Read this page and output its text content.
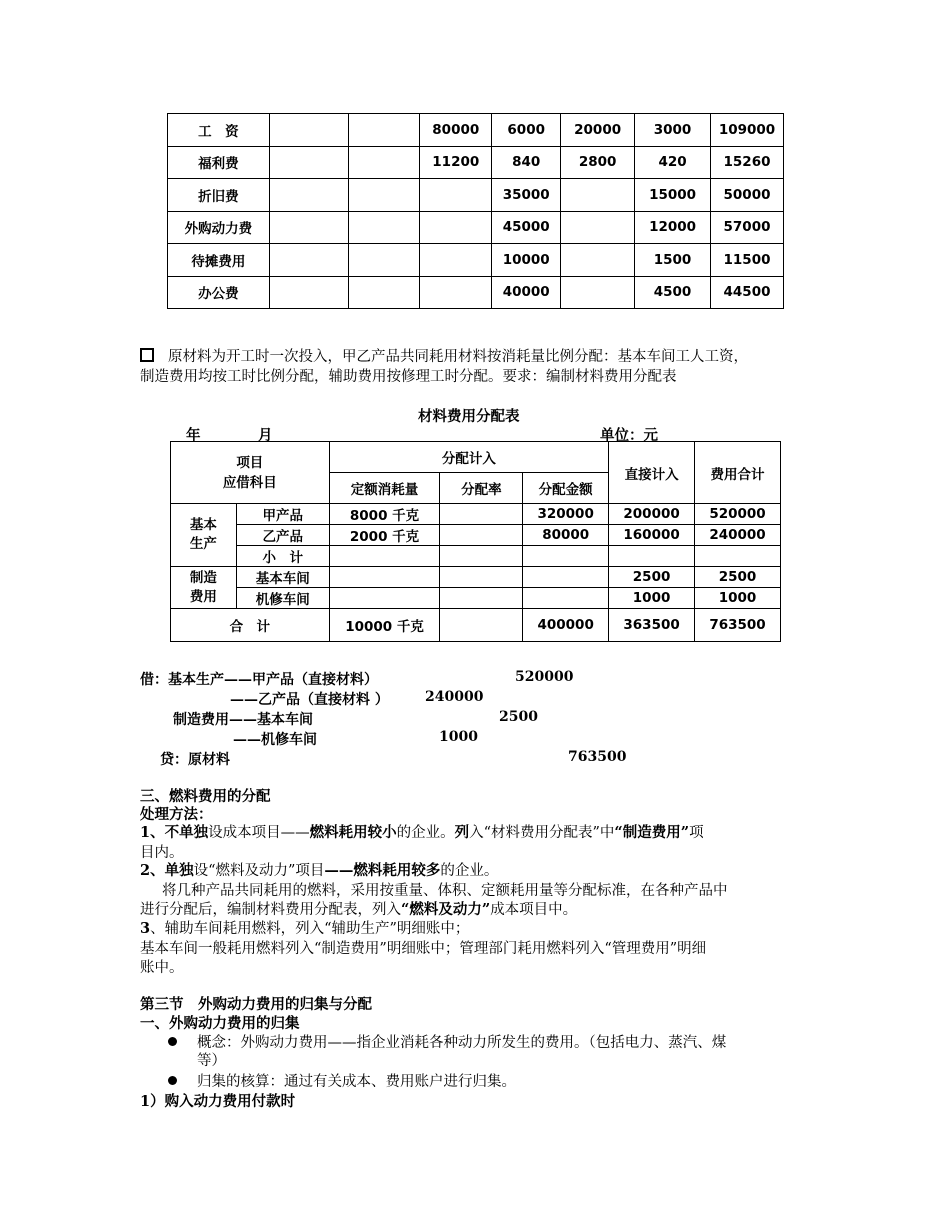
工　资			80000	6000	20000	3000	109000
福利费			11200	840	2800	420	15260
折旧费				35000		15000	50000
外购动力费				45000		12000	57000
待摊费用				10000		1500	11500
办公费				40000		4500	44500
原材料为开工时一次投入，甲乙产品共同耗用材料按消耗量比例分配：基本车间工人工资，
制造费用均按工时比例分配，辅助费用按修理工时分配。要求：编制材料费用分配表
材料费用分配表
年	月	单位：元
项目
应借科目		分配计入			直接计入	费用合计
		定额消耗量	分配率	分配金额		
基本
生产	甲产品	8000 千克		320000	200000	520000
	乙产品	2000 千克		80000	160000	240000
	小　计					
制造
费用	基本车间				2500	2500
	机修车间				1000	1000
合　计		10000 千克		400000	363500	763500
借：基本生产——甲产品（直接材料）	520000
——乙产品（直接材料 ）	240000
制造费用——基本车间	2500
——机修车间	1000
贷：原材料	763500
三、燃料费用的分配
处理方法：
1、不单独设成本项目——燃料耗用较小的企业。列入“材料费用分配表”中“制造费用”项
目内。
2、单独设“燃料及动力”项目——燃料耗用较多的企业。
将几种产品共同耗用的燃料，采用按重量、体积、定额耗用量等分配标准，在各种产品中
进行分配后，编制材料费用分配表，列入“燃料及动力”成本项目中。
3、辅助车间耗用燃料，列入“辅助生产”明细账中；
基本车间一般耗用燃料列入“制造费用”明细账中；管理部门耗用燃料列入“管理费用”明细
账中。
第三节　外购动力费用的归集与分配
一、外购动力费用的归集
概念：外购动力费用——指企业消耗各种动力所发生的费用。（包括电力、蒸汽、煤
等）
归集的核算：通过有关成本、费用账户进行归集。
1）购入动力费用付款时
